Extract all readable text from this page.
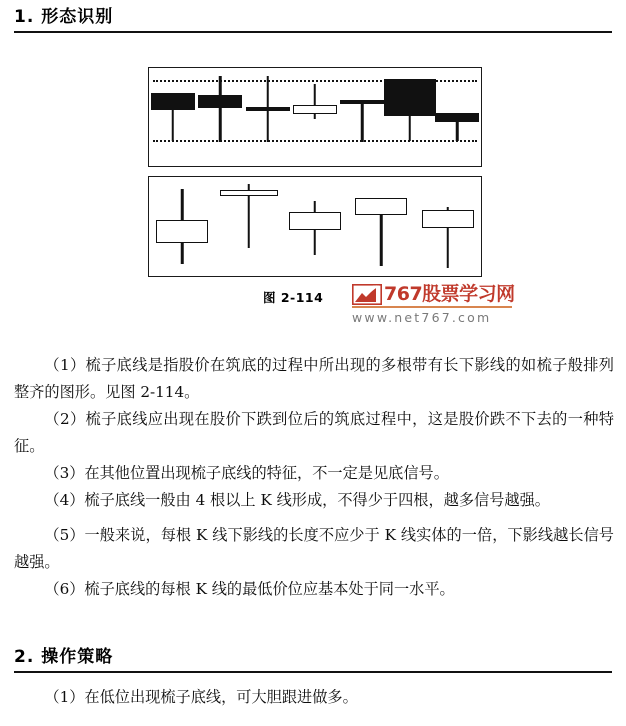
1. 形态识别
图 2-114	767股票学习网
www.net767.com
（1）梳子底线是指股价在筑底的过程中所出现的多根带有长下影线的如梳子般排列整齐的图形。见图 2-114。
（2）梳子底线应出现在股价下跌到位后的筑底过程中，这是股价跌不下去的一种特征。
（3）在其他位置出现梳子底线的特征，不一定是见底信号。
（4）梳子底线一般由 4 根以上 K 线形成，不得少于四根，越多信号越强。
（5）一般来说，每根 K 线下影线的长度不应少于 K 线实体的一倍，下影线越长信号越强。
（6）梳子底线的每根 K 线的最低价位应基本处于同一水平。
2. 操作策略
（1）在低位出现梳子底线，可大胆跟进做多。
